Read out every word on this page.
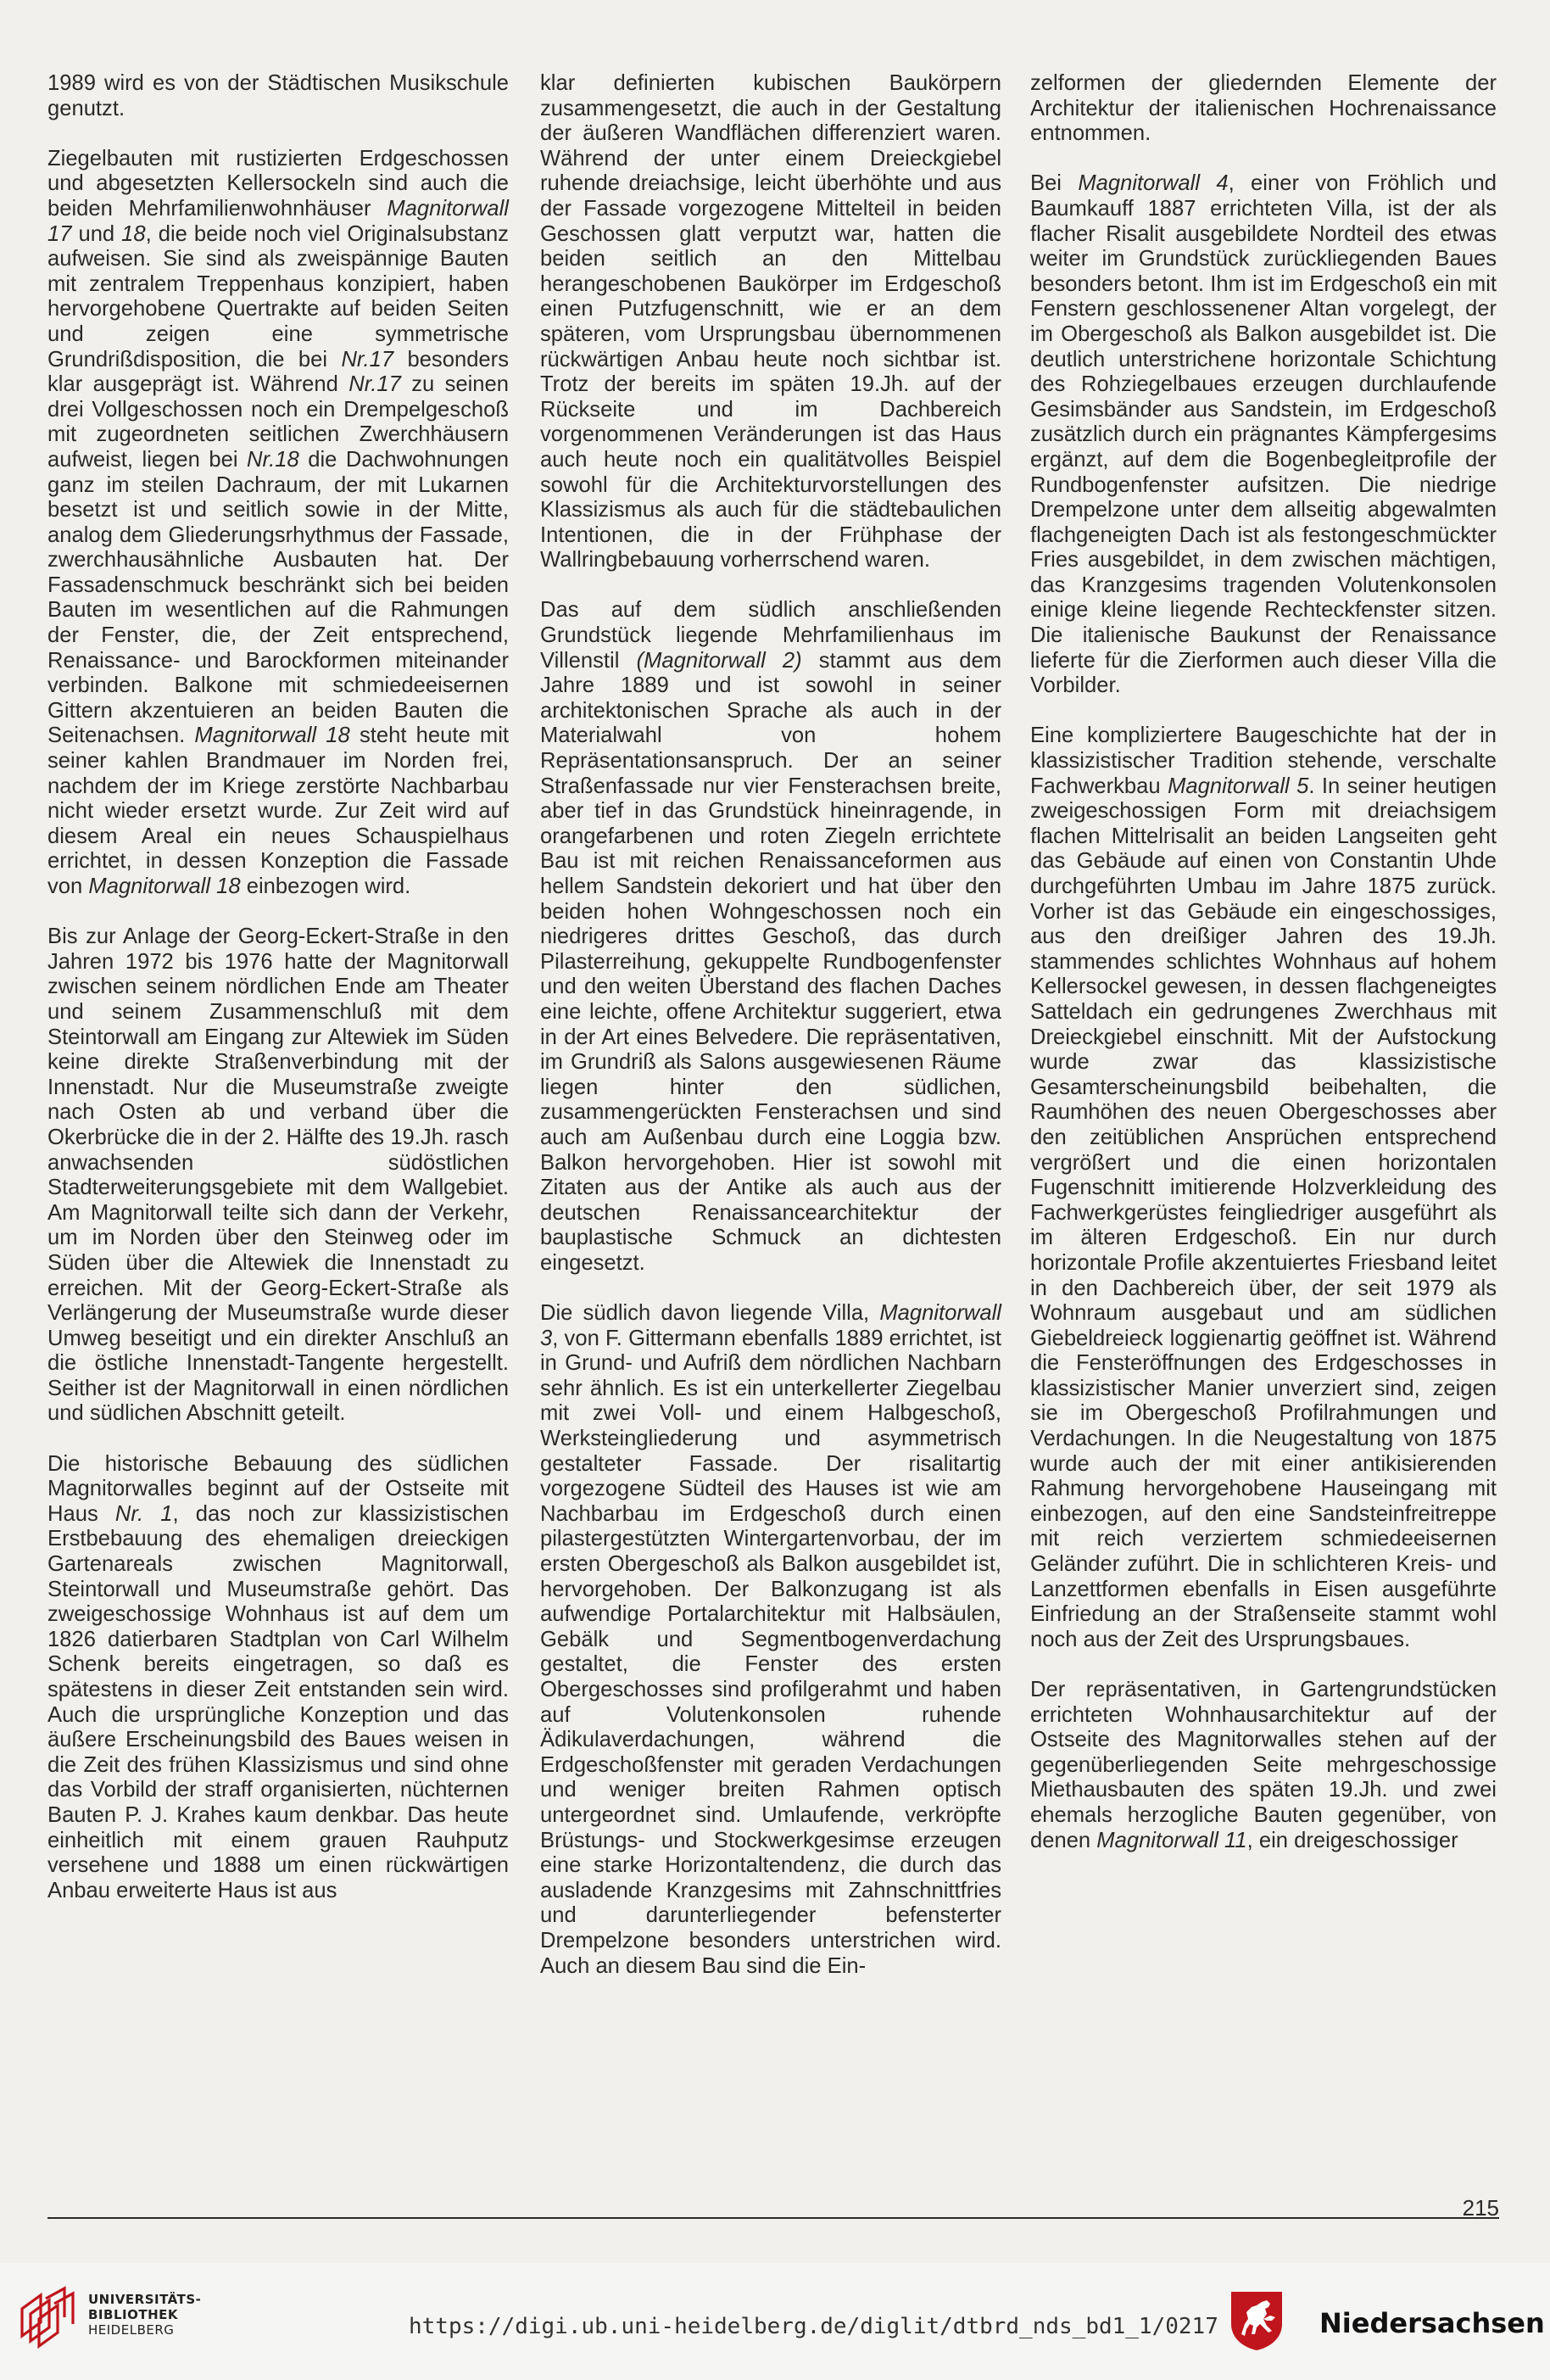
1989 wird es von der Städtischen Musikschule genutzt.

Ziegelbauten mit rustizierten Erdgeschossen und abgesetzten Kellersockeln sind auch die beiden Mehrfamilienwohnhäuser Magnitorwall 17 und 18, die beide noch viel Originalsubstanz aufweisen. Sie sind als zweispännige Bauten mit zentralem Treppenhaus konzipiert, haben hervorgehobene Quertrakte auf beiden Seiten und zeigen eine symmetrische Grundrißdisposition, die bei Nr.17 besonders klar ausgeprägt ist. Während Nr.17 zu seinen drei Vollgeschossen noch ein Drempelgeschoß mit zugeordneten seitlichen Zwerchhäusern aufweist, liegen bei Nr.18 die Dachwohnungen ganz im steilen Dachraum, der mit Lukarnen besetzt ist und seitlich sowie in der Mitte, analog dem Gliederungsrhythmus der Fassade, zwerchhausähnliche Ausbauten hat. Der Fassadenschmuck beschränkt sich bei beiden Bauten im wesentlichen auf die Rahmungen der Fenster, die, der Zeit entsprechend, Renaissance- und Barockformen miteinander verbinden. Balkone mit schmiedeeisernen Gittern akzentuieren an beiden Bauten die Seitenachsen. Magnitorwall 18 steht heute mit seiner kahlen Brandmauer im Norden frei, nachdem der im Kriege zerstörte Nachbarbau nicht wieder ersetzt wurde. Zur Zeit wird auf diesem Areal ein neues Schauspielhaus errichtet, in dessen Konzeption die Fassade von Magnitorwall 18 einbezogen wird.

Bis zur Anlage der Georg-Eckert-Straße in den Jahren 1972 bis 1976 hatte der Magnitorwall zwischen seinem nördlichen Ende am Theater und seinem Zusammenschluß mit dem Steintorwall am Eingang zur Altewiek im Süden keine direkte Straßenverbindung mit der Innenstadt. Nur die Museumstraße zweigte nach Osten ab und verband über die Okerbrücke die in der 2. Hälfte des 19.Jh. rasch anwachsenden südöstlichen Stadterweiterungsgebiete mit dem Wallgebiet. Am Magnitorwall teilte sich dann der Verkehr, um im Norden über den Steinweg oder im Süden über die Altewiek die Innenstadt zu erreichen. Mit der Georg-Eckert-Straße als Verlängerung der Museumstraße wurde dieser Umweg beseitigt und ein direkter Anschluß an die östliche Innenstadt-Tangente hergestellt. Seither ist der Magnitorwall in einen nördlichen und südlichen Abschnitt geteilt.

Die historische Bebauung des südlichen Magnitorwalles beginnt auf der Ostseite mit Haus Nr. 1, das noch zur klassizistischen Erstbebauung des ehemaligen dreieckigen Gartenareals zwischen Magnitorwall, Steintorwall und Museumstraße gehört. Das zweigeschossige Wohnhaus ist auf dem um 1826 datierbaren Stadtplan von Carl Wilhelm Schenk bereits eingetragen, so daß es spätestens in dieser Zeit entstanden sein wird. Auch die ursprüngliche Konzeption und das äußere Erscheinungsbild des Baues weisen in die Zeit des frühen Klassizismus und sind ohne das Vorbild der straff organisierten, nüchternen Bauten P. J. Krahes kaum denkbar. Das heute einheitlich mit einem grauen Rauhputz versehene und 1888 um einen rückwärtigen Anbau erweiterte Haus ist aus

klar definierten kubischen Baukörpern zusammengesetzt, die auch in der Gestaltung der äußeren Wandflächen differenziert waren. Während der unter einem Dreieckgiebel ruhende dreiachsige, leicht überhöhte und aus der Fassade vorgezogene Mittelteil in beiden Geschossen glatt verputzt war, hatten die beiden seitlich an den Mittelbau herangeschobenen Baukörper im Erdgeschoß einen Putzfugenschnitt, wie er an dem späteren, vom Ursprungsbau übernommenen rückwärtigen Anbau heute noch sichtbar ist. Trotz der bereits im späten 19.Jh. auf der Rückseite und im Dachbereich vorgenommenen Veränderungen ist das Haus auch heute noch ein qualitätvolles Beispiel sowohl für die Architekturvorstellungen des Klassizismus als auch für die städtebaulichen Intentionen, die in der Frühphase der Wallringbebauung vorherrschend waren.

Das auf dem südlich anschließenden Grundstück liegende Mehrfamilienhaus im Villenstil (Magnitorwall 2) stammt aus dem Jahre 1889 und ist sowohl in seiner architektonischen Sprache als auch in der Materialwahl von hohem Repräsentationsanspruch. Der an seiner Straßenfassade nur vier Fensterachsen breite, aber tief in das Grundstück hineinragende, in orangefarbenen und roten Ziegeln errichtete Bau ist mit reichen Renaissanceformen aus hellem Sandstein dekoriert und hat über den beiden hohen Wohngeschossen noch ein niedrigeres drittes Geschoß, das durch Pilasterreihung, gekuppelte Rundbogenfenster und den weiten Überstand des flachen Daches eine leichte, offene Architektur suggeriert, etwa in der Art eines Belvedere. Die repräsentativen, im Grundriß als Salons ausgewiesenen Räume liegen hinter den südlichen, zusammengerückten Fensterachsen und sind auch am Außenbau durch eine Loggia bzw. Balkon hervorgehoben. Hier ist sowohl mit Zitaten aus der Antike als auch aus der deutschen Renaissancearchitektur der bauplastische Schmuck an dichtesten eingesetzt.

Die südlich davon liegende Villa, Magnitorwall 3, von F. Gittermann ebenfalls 1889 errichtet, ist in Grund- und Aufriß dem nördlichen Nachbarn sehr ähnlich. Es ist ein unterkellerter Ziegelbau mit zwei Voll- und einem Halbgeschoß, Werksteingliederung und asymmetrisch gestalteter Fassade. Der risalitartig vorgezogene Südteil des Hauses ist wie am Nachbarbau im Erdgeschoß durch einen pilastergestützten Wintergartenvorbau, der im ersten Obergeschoß als Balkon ausgebildet ist, hervorgehoben. Der Balkonzugang ist als aufwendige Portalarchitektur mit Halbsäulen, Gebälk und Segmentbogenverdachung gestaltet, die Fenster des ersten Obergeschosses sind profilgerahmt und haben auf Volutenkonsolen ruhende Ädikulaverdachungen, während die Erdgeschoßfenster mit geraden Verdachungen und weniger breiten Rahmen optisch untergeordnet sind. Umlaufende, verkröpfte Brüstungs- und Stockwerkgesimse erzeugen eine starke Horizontaltendenz, die durch das ausladende Kranzgesims mit Zahnschnittfries und darunterliegender befensterter Drempelzone besonders unterstrichen wird. Auch an diesem Bau sind die Ein-

zelformen der gliedernden Elemente der Architektur der italienischen Hochrenaissance entnommen.

Bei Magnitorwall 4, einer von Fröhlich und Baumkauff 1887 errichteten Villa, ist der als flacher Risalit ausgebildete Nordteil des etwas weiter im Grundstück zurückliegenden Baues besonders betont. Ihm ist im Erdgeschoß ein mit Fenstern geschlossenener Altan vorgelegt, der im Obergeschoß als Balkon ausgebildet ist. Die deutlich unterstrichene horizontale Schichtung des Rohziegelbaues erzeugen durchlaufende Gesimsbänder aus Sandstein, im Erdgeschoß zusätzlich durch ein prägnantes Kämpfergesims ergänzt, auf dem die Bogenbegleitprofile der Rundbogenfenster aufsitzen. Die niedrige Drempelzone unter dem allseitig abgewalmten flachgeneigten Dach ist als festongeschmückter Fries ausgebildet, in dem zwischen mächtigen, das Kranzgesims tragenden Volutenkonsolen einige kleine liegende Rechteckfenster sitzen. Die italienische Baukunst der Renaissance lieferte für die Zierformen auch dieser Villa die Vorbilder.

Eine kompliziertere Baugeschichte hat der in klassizistischer Tradition stehende, verschalte Fachwerkbau Magnitorwall 5. In seiner heutigen zweigeschossigen Form mit dreiachsigem flachen Mittelrisalit an beiden Langseiten geht das Gebäude auf einen von Constantin Uhde durchgeführten Umbau im Jahre 1875 zurück. Vorher ist das Gebäude ein eingeschossiges, aus den dreißiger Jahren des 19.Jh. stammendes schlichtes Wohnhaus auf hohem Kellersockel gewesen, in dessen flachgeneigtes Satteldach ein gedrungenes Zwerchhaus mit Dreieckgiebel einschnitt. Mit der Aufstockung wurde zwar das klassizistische Gesamterscheinungsbild beibehalten, die Raumhöhen des neuen Obergeschosses aber den zeitüblichen Ansprüchen entsprechend vergrößert und die einen horizontalen Fugenschnitt imitierende Holzverkleidung des Fachwerkgerüstes feingliedriger ausgeführt als im älteren Erdgeschoß. Ein nur durch horizontale Profile akzentuiertes Friesband leitet in den Dachbereich über, der seit 1979 als Wohnraum ausgebaut und am südlichen Giebeldreieck loggienartig geöffnet ist. Während die Fensteröffnungen des Erdgeschosses in klassizistischer Manier unverziert sind, zeigen sie im Obergeschoß Profilrahmungen und Verdachungen. In die Neugestaltung von 1875 wurde auch der mit einer antikisierenden Rahmung hervorgehobene Hauseingang mit einbezogen, auf den eine Sandsteinfreitreppe mit reich verziertem schmiedeeisernen Geländer zuführt. Die in schlichteren Kreis- und Lanzettformen ebenfalls in Eisen ausgeführte Einfriedung an der Straßenseite stammt wohl noch aus der Zeit des Ursprungsbaues.

Der repräsentativen, in Gartengrundstücken errichteten Wohnhausarchitektur auf der Ostseite des Magnitorwalles stehen auf der gegenüberliegenden Seite mehrgeschossige Miethausbauten des späten 19.Jh. und zwei ehemals herzogliche Bauten gegenüber, von denen Magnitorwall 11, ein dreigeschossiger

215
UNIVERSITÄTS-
BIBLIOTHEK
HEIDELBERG	https://digi.ub.uni-heidelberg.de/diglit/dtbrd_nds_bd1_1/0217	Niedersachsen
